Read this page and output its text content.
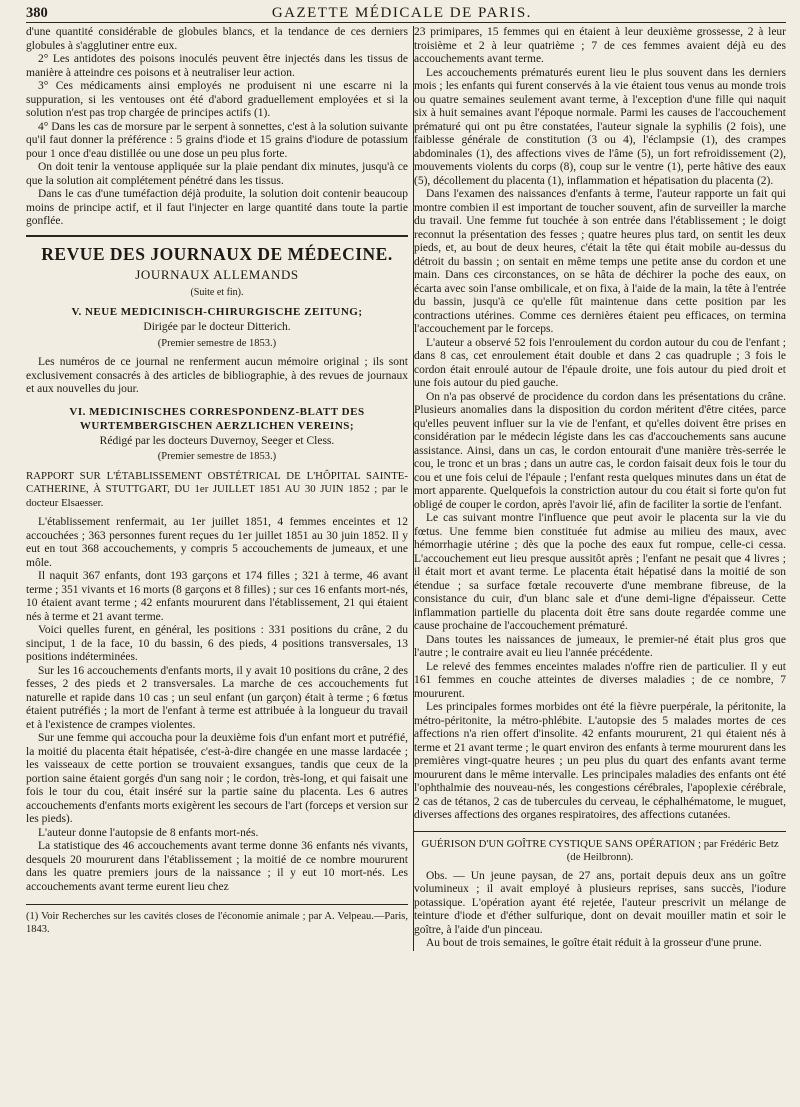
380	GAZETTE MÉDICALE DE PARIS.

d'une quantité considérable de globules blancs, et la tendance de ces derniers globules à s'agglutiner entre eux.

2° Les antidotes des poisons inoculés peuvent être injectés dans les tissus de manière à atteindre ces poisons et à neutraliser leur action.

3° Ces médicaments ainsi employés ne produisent ni une escarre ni la suppuration, si les ventouses ont été d'abord graduellement employées et si la solution n'est pas trop chargée de principes actifs (1).

4° Dans les cas de morsure par le serpent à sonnettes, c'est à la solution suivante qu'il faut donner la préférence : 5 grains d'iode et 15 grains d'iodure de potassium pour 1 once d'eau distillée ou une dose un peu plus forte.

On doit tenir la ventouse appliquée sur la plaie pendant dix minutes, jusqu'à ce que la solution ait complétement pénétré dans les tissus.

Dans le cas d'une tuméfaction déjà produite, la solution doit contenir beaucoup moins de principe actif, et il faut l'injecter en large quantité dans toute la partie gonflée.

REVUE DES JOURNAUX DE MÉDECINE.
JOURNAUX ALLEMANDS
(Suite et fin).
V. NEUE MEDICINISCH-CHIRURGISCHE ZEITUNG;
Dirigée par le docteur Ditterich.
(Premier semestre de 1853.)

Les numéros de ce journal ne renferment aucun mémoire original ; ils sont exclusivement consacrés à des articles de bibliographie, à des revues de journaux et aux nouvelles du jour.

VI. MEDICINISCHES CORRESPONDENZ-BLATT DES WURTEMBERGISCHEN AERZLICHEN VEREINS;
Rédigé par les docteurs Duvernoy, Seeger et Cless.
(Premier semestre de 1853.)

RAPPORT SUR L'ÉTABLISSEMENT OBSTÉTRICAL DE L'HÔPITAL SAINTE-CATHERINE, À STUTTGART, DU 1er JUILLET 1851 AU 30 JUIN 1852 ; par le docteur Elsaesser.

L'établissement renfermait, au 1er juillet 1851, 4 femmes enceintes et 12 accouchées ; 363 personnes furent reçues du 1er juillet 1851 au 30 juin 1852. Il y eut en tout 368 accouchements, y compris 5 accouchements de jumeaux, et une môle.

Il naquit 367 enfants, dont 193 garçons et 174 filles ; 321 à terme, 46 avant terme ; 351 vivants et 16 morts (8 garçons et 8 filles) ; sur ces 16 enfants mort-nés, 10 étaient avant terme ; 42 enfants moururent dans l'établissement, 21 qui étaient nés à terme et 21 avant terme.

Voici quelles furent, en général, les positions : 331 positions du crâne, 2 du sinciput, 1 de la face, 10 du bassin, 6 des pieds, 4 positions transversales, 13 positions indéterminées.

Sur les 16 accouchements d'enfants morts, il y avait 10 positions du crâne, 2 des fesses, 2 des pieds et 2 transversales. La marche de ces accouchements fut naturelle et rapide dans 10 cas ; un seul enfant (un garçon) était à terme ; 6 fœtus étaient putréfiés ; la mort de l'enfant à terme est attribuée à la longueur du travail et à l'existence de crampes violentes.

Sur une femme qui accoucha pour la deuxième fois d'un enfant mort et putréfié, la moitié du placenta était hépatisée, c'est-à-dire changée en une masse lardacée ; les vaisseaux de cette portion se trouvaient exsangues, tandis que ceux de la portion saine étaient gorgés d'un sang noir ; le cordon, très-long, et qui faisait une fois le tour du cou, était inséré sur la partie saine du placenta. Les 6 autres accouchements d'enfants morts exigèrent les secours de l'art (forceps et version sur les pieds).

L'auteur donne l'autopsie de 8 enfants mort-nés.

La statistique des 46 accouchements avant terme donne 36 enfants nés vivants, desquels 20 moururent dans l'établissement ; la moitié de ce nombre moururent dans les quatre premiers jours de la naissance ; il y eut 10 mort-nés. Les accouchements avant terme eurent lieu chez

(1) Voir Recherches sur les cavités closes de l'économie animale ; par A. Velpeau.—Paris, 1843.

23 primipares, 15 femmes qui en étaient à leur deuxième grossesse, 2 à leur troisième et 2 à leur quatrième ; 7 de ces femmes avaient déjà eu des accouchements avant terme.

Les accouchements prématurés eurent lieu le plus souvent dans les derniers mois ; les enfants qui furent conservés à la vie étaient tous venus au monde trois ou quatre semaines seulement avant terme, à l'exception d'une fille qui naquit six à huit semaines avant l'époque normale. Parmi les causes de l'accouchement prématuré qui ont pu être constatées, l'auteur signale la syphilis (2 fois), une faiblesse générale de constitution (3 ou 4), l'éclampsie (1), des crampes abdominales (1), des affections vives de l'âme (5), un fort refroidissement (2), mouvements violents du corps (8), coup sur le ventre (1), perte hâtive des eaux (5), décollement du placenta (1), inflammation et hépatisation du placenta (2).

Dans l'examen des naissances d'enfants à terme, l'auteur rapporte un fait qui montre combien il est important de toucher souvent, afin de surveiller la marche du travail. Une femme fut touchée à son entrée dans l'établissement ; le doigt reconnut la présentation des fesses ; quatre heures plus tard, on sentit les deux pieds, et, au bout de deux heures, c'était la tête qui était mobile au-dessus du détroit du bassin ; on sentait en même temps une petite anse du cordon et une main. Dans ces circonstances, on se hâta de déchirer la poche des eaux, on écarta avec soin l'anse ombilicale, et on fixa, à l'aide de la main, la tête à l'entrée du bassin, jusqu'à ce qu'elle fût maintenue dans cette position par les contractions utérines. Comme ces dernières étaient peu efficaces, on termina l'accouchement par le forceps.

L'auteur a observé 52 fois l'enroulement du cordon autour du cou de l'enfant ; dans 8 cas, cet enroulement était double et dans 2 cas quadruple ; 3 fois le cordon était enroulé autour de l'épaule droite, une fois autour du pied droit et une fois autour du pied gauche.

On n'a pas observé de procidence du cordon dans les présentations du crâne. Plusieurs anomalies dans la disposition du cordon méritent d'être citées, parce qu'elles peuvent influer sur la vie de l'enfant, et qu'elles doivent être prises en considération par le médecin légiste dans les cas d'accouchements sans aucune assistance. Ainsi, dans un cas, le cordon entourait d'une manière très-serrée le cou, le tronc et un bras ; dans un autre cas, le cordon faisait deux fois le tour du cou et une fois celui de l'épaule ; l'enfant resta quelques minutes dans un état de mort apparente. Quelquefois la constriction autour du cou était si forte qu'on fut obligé de couper le cordon, après l'avoir lié, afin de faciliter la sortie de l'enfant.

Le cas suivant montre l'influence que peut avoir le placenta sur la vie du fœtus. Une femme bien constituée fut admise au milieu des maux, avec hémorrhagie utérine ; dès que la poche des eaux fut rompue, celle-ci cessa. L'accouchement eut lieu presque aussitôt après ; l'enfant ne pesait que 4 livres ; il était mort et avant terme. Le placenta était hépatisé dans la moitié de son étendue ; sa surface fœtale recouverte d'une membrane fibreuse, de la consistance du cuir, d'un blanc sale et d'une demi-ligne d'épaisseur. Cette inflammation partielle du placenta doit être sans doute regardée comme une cause prochaine de l'accouchement prématuré.

Dans toutes les naissances de jumeaux, le premier-né était plus gros que l'autre ; le contraire avait eu lieu l'année précédente.

Le relevé des femmes enceintes malades n'offre rien de particulier. Il y eut 161 femmes en couche atteintes de diverses maladies ; de ce nombre, 7 moururent.

Les principales formes morbides ont été la fièvre puerpérale, la péritonite, la métro-péritonite, la métro-phlébite. L'autopsie des 5 malades mortes de ces affections n'a rien offert d'insolite. 42 enfants moururent, 21 qui étaient nés à terme et 21 avant terme ; le quart environ des enfants à terme moururent dans les premières vingt-quatre heures ; un peu plus du quart des enfants avant terme moururent dans le même intervalle. Les principales maladies des enfants ont été l'ophthalmie des nouveau-nés, les congestions cérébrales, l'apoplexie cérébrale, 2 cas de tétanos, 2 cas de tubercules du cerveau, le céphalhématome, le muguet, diverses affections des organes respiratoires, des affections cutanées.

GUÉRISON D'UN GOÎTRE CYSTIQUE SANS OPÉRATION ; par Frédéric Betz (de Heilbronn).

Obs. — Un jeune paysan, de 27 ans, portait depuis deux ans un goître volumineux ; il avait employé à plusieurs reprises, sans succès, l'iodure potassique. L'opération ayant été rejetée, l'auteur prescrivit un mélange de teinture d'iode et d'éther sulfurique, dont on devait mouiller matin et soir le goître, à l'aide d'un pinceau.

Au bout de trois semaines, le goître était réduit à la grosseur d'une prune.
